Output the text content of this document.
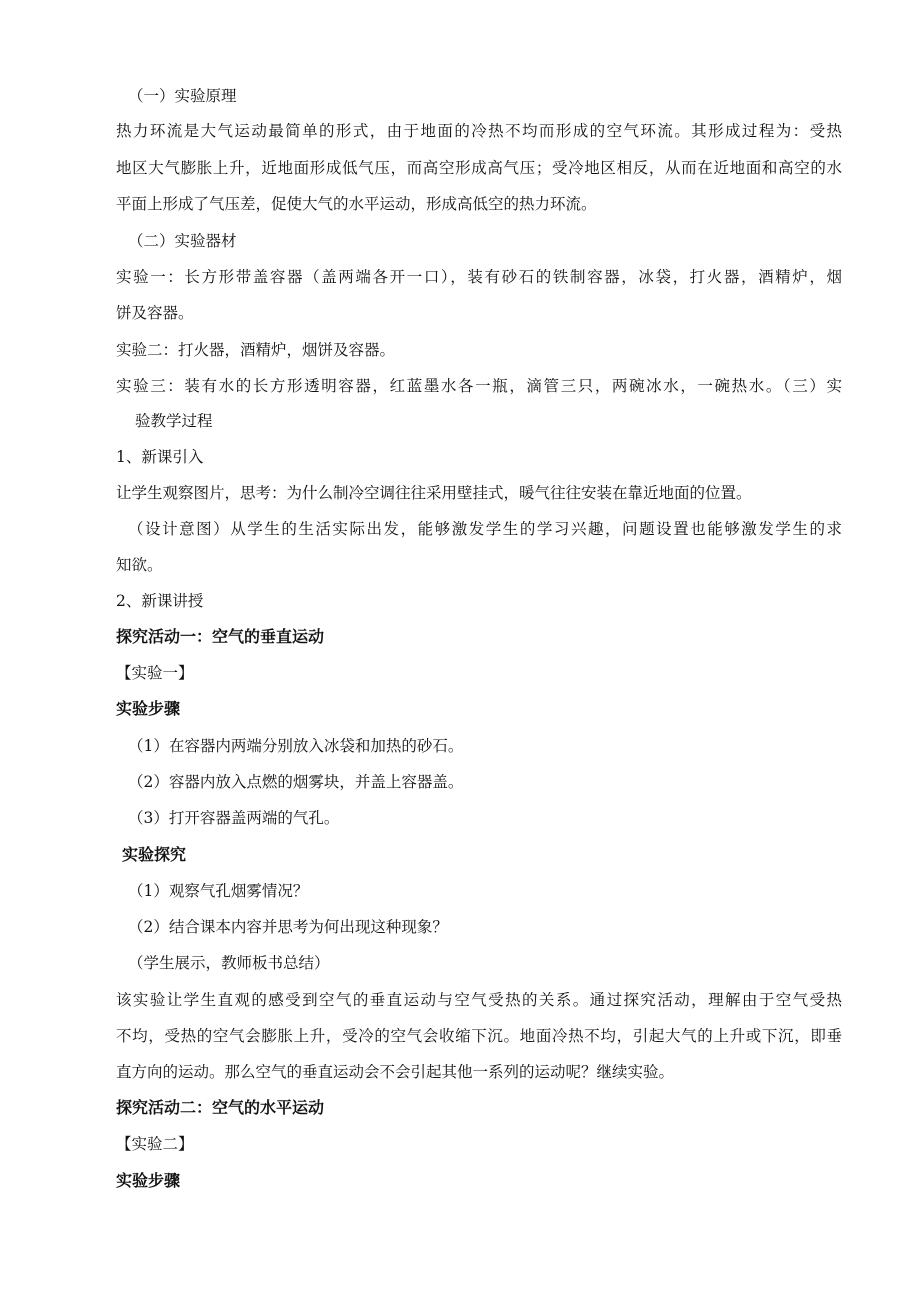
（一）实验原理
热力环流是大气运动最简单的形式，由于地面的冷热不均而形成的空气环流。其形成过程为：受热
地区大气膨胀上升，近地面形成低气压，而高空形成高气压；受冷地区相反，从而在近地面和高空的水
平面上形成了气压差，促使大气的水平运动，形成高低空的热力环流。
（二）实验器材
实验一：长方形带盖容器（盖两端各开一口），装有砂石的铁制容器，冰袋，打火器，酒精炉，烟
饼及容器。
实验二：打火器，酒精炉，烟饼及容器。
实验三：装有水的长方形透明容器，红蓝墨水各一瓶，滴管三只，两碗冰水，一碗热水。（三）实
验教学过程
1、新课引入
让学生观察图片，思考：为什么制冷空调往往采用壁挂式，暖气往往安装在靠近地面的位置。
（设计意图）从学生的生活实际出发，能够激发学生的学习兴趣，问题设置也能够激发学生的求
知欲。
2、新课讲授
探究活动一：空气的垂直运动
【实验一】
实验步骤
（1）在容器内两端分别放入冰袋和加热的砂石。
（2）容器内放入点燃的烟雾块，并盖上容器盖。
（3）打开容器盖两端的气孔。
实验探究
（1）观察气孔烟雾情况？
（2）结合课本内容并思考为何出现这种现象？
（学生展示，教师板书总结）
该实验让学生直观的感受到空气的垂直运动与空气受热的关系。通过探究活动，理解由于空气受热
不均，受热的空气会膨胀上升，受冷的空气会收缩下沉。地面冷热不均，引起大气的上升或下沉，即垂
直方向的运动。那么空气的垂直运动会不会引起其他一系列的运动呢？继续实验。
探究活动二：空气的水平运动
【实验二】
实验步骤
